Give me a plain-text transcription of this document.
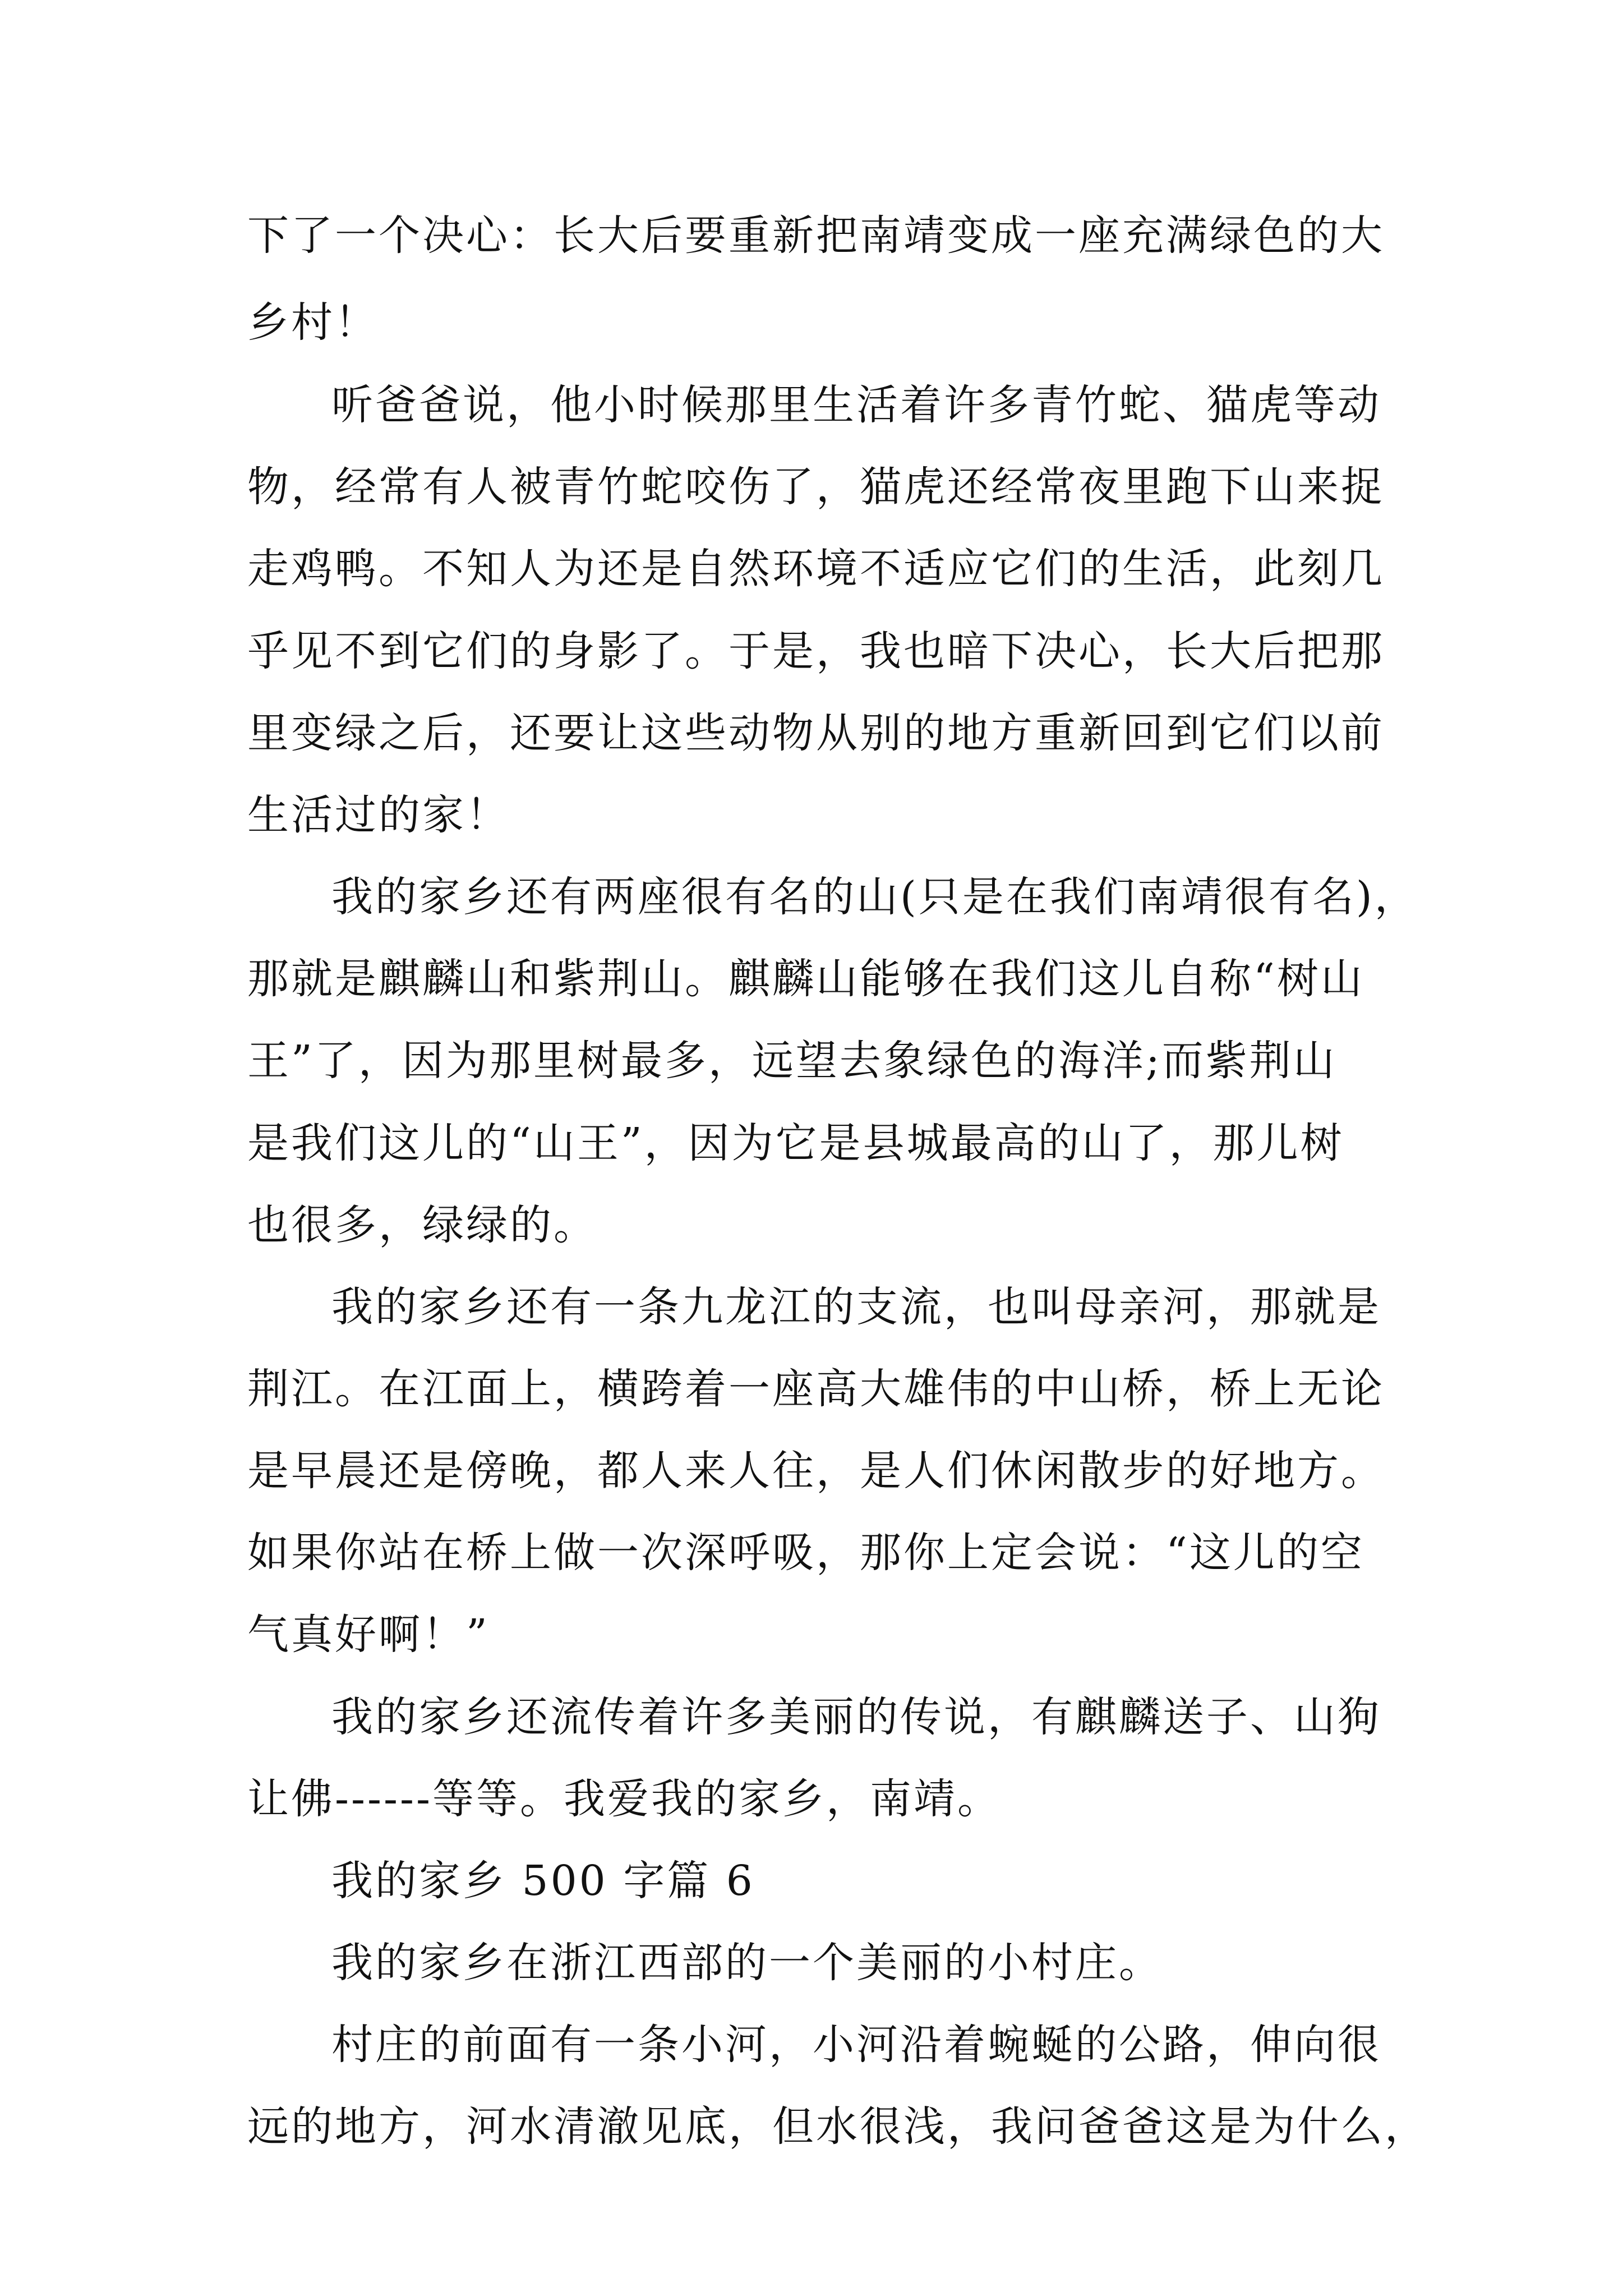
下了一个决心：长大后要重新把南靖变成一座充满绿色的大
乡村！
听爸爸说，他小时候那里生活着许多青竹蛇、猫虎等动
物，经常有人被青竹蛇咬伤了，猫虎还经常夜里跑下山来捉
走鸡鸭。不知人为还是自然环境不适应它们的生活，此刻几
乎见不到它们的身影了。于是，我也暗下决心，长大后把那
里变绿之后，还要让这些动物从别的地方重新回到它们以前
生活过的家！
我的家乡还有两座很有名的山(只是在我们南靖很有名)，
那就是麒麟山和紫荆山。麒麟山能够在我们这儿自称“树山
王”了，因为那里树最多，远望去象绿色的海洋;而紫荆山
是我们这儿的“山王”，因为它是县城最高的山了，那儿树
也很多，绿绿的。
我的家乡还有一条九龙江的支流，也叫母亲河，那就是
荆江。在江面上，横跨着一座高大雄伟的中山桥，桥上无论
是早晨还是傍晚，都人来人往，是人们休闲散步的好地方。
如果你站在桥上做一次深呼吸，那你上定会说：“这儿的空
气真好啊！”
我的家乡还流传着许多美丽的传说，有麒麟送子、山狗
让佛------等等。我爱我的家乡，南靖。
我的家乡 500 字篇 6
我的家乡在浙江西部的一个美丽的小村庄。
村庄的前面有一条小河，小河沿着蜿蜒的公路，伸向很
远的地方，河水清澈见底，但水很浅，我问爸爸这是为什么，
